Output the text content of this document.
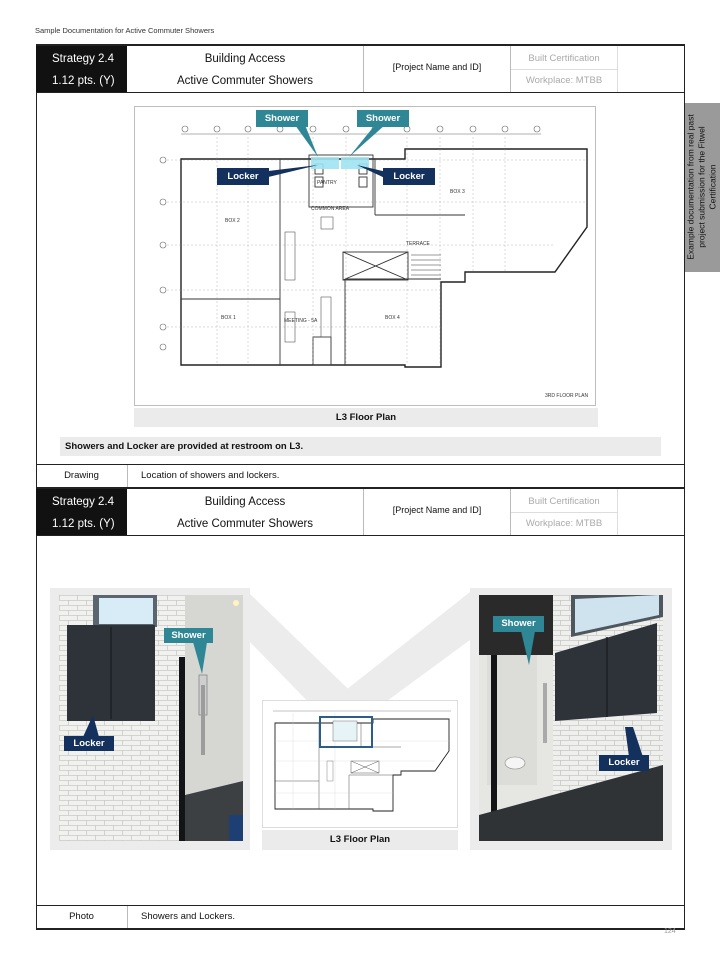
Sample Documentation for Active Commuter Showers
Example documentation from real past project submission for the Fitwel Certification
Strategy 2.4
1.12 pts. (Y)
Building Access
Active Commuter Showers
[Project Name and ID]
Built Certification
Workplace: MTBB
BOX 2
BOX 1
BOX 3
BOX 4
PANTRY
COMMON AREA
TERRACE
MEETING - 5A
3RD FLOOR PLAN
Shower	Shower
Locker	Locker
L3 Floor Plan
Showers and Locker are provided at restroom on L3.
Drawing	Location of showers and lockers.
Strategy 2.4
1.12 pts. (Y)
Building Access
Active Commuter Showers
[Project Name and ID]
Built Certification
Workplace: MTBB
Shower
Locker
L3 Floor Plan
Shower
Locker
Photo	Showers and Lockers.
124
